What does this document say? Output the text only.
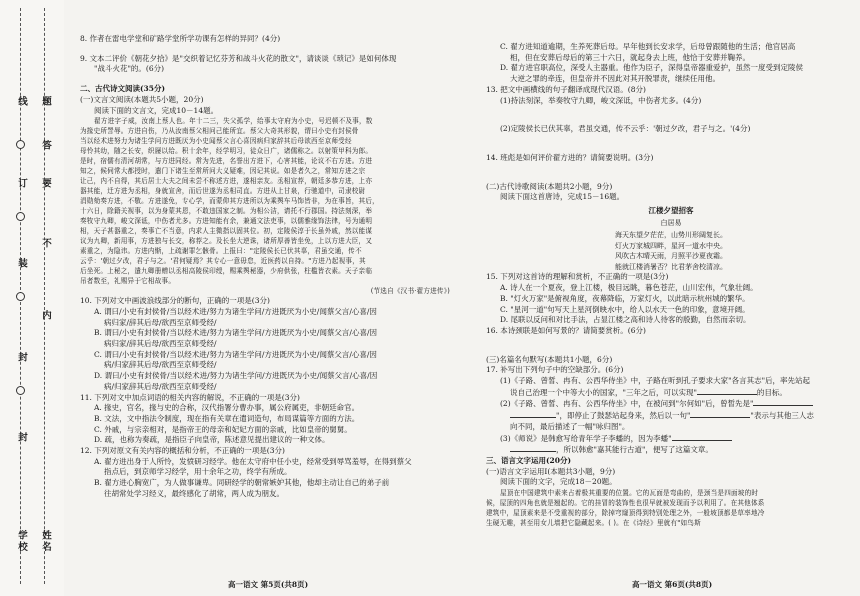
学校
封
封
装
订
线
姓名
内
不
要
答
题

8. 作者在雷电学堂和矿路学堂所学功课有怎样的异同？(4分)

9. 文本二评价《朝花夕拾》是"交织着记忆芬芳和战斗火花的散文"，请谈谈《琐记》是如何体现

"战斗火花"的。(6分)

二、古代诗文阅读(35分)

(一)文言文阅读(本题共5小题，20分)

阅读下面的文言文，完成10－14题。

翟方进字子威，汝南上蔡人也。年十二三，失父孤学，给事太守府为小史，号迟顿不及事，数

为掾史所詈辱。方进自伤，乃从汝南蔡父相问己能所宜。蔡父大奇其形貌，谓曰小史有封侯骨

当以经术进努力为诸生学问方进既厌为小史闻蔡父言心喜因病归家辞其后母欲西至京师受经

母怜其幼，随之长安，织屦以给。积十余年，经学明习，徒众日广，诸儒称之。以射策甲科为郎。

是时，宿儒有清河胡常，与方进同经。常为先进，名誉出方进下，心害其能，论议不右方进。方进

知之，候伺常大都授时，遣门下诸生至常所问大义疑难，因记其说。如是者久之，常知方进之宗

让己，内不自得，其后居士大夫之间未尝不称述方进，遂相亲友。丞相宣荐，朝廷多恭方进，上亦

器其能，迁方进为丞相，身就宣舍，而后世遂为丞相司直。方进从上甘泉，行驰道中，司隶校尉

涓勋劾奏方进，不敬。方进遂免，专心学，而蒙仰其方进所以为乘舆车马饰皆非，为在事旨，其后，

十六日，除籍关视事，以为身蒙其恩，不敢违国家之制。为相公洁，请托不行郡国。持法刻深，举

奏牧守九卿，峻文深诋，中伤者尤多。方进知能有余，兼通文法吏事，以儒雅缘饰法律，号为通明

相，天子甚器重之，奏事亡不当意，内求人主微指以固其位。初，定陵侯淳于长虽外戚，然以能谋

议为九卿，新用事，方进独与长交，称荐之。及长坐大逆诛，诸所厚善皆坐免，上以方进大臣，又

素重之，为隐讳。方进内惭，上疏谢罪乞骸骨。上报曰："定陵侯长已伏其辜，君虽交通，传不

云乎：'朝过夕改，君子与之。'君何疑焉？其专心一意毋怠，近医药以自持。"方进乃起视事，其

后坐死。上秘之，遣九卿册赠以丞相高陵侯印绶，赐乘舆秘器，少府供张，柱槛皆衣素。天子亲临

吊者数至，礼赐异于它相故事。

(节选自《汉书·翟方进传》)

10. 下列对文中画波浪线部分的断句，正确的一项是(3分)

A. 谓曰/小史有封侯骨/当以经术进/努力为诸生学问/方进既厌为小史/闻蔡父言/心喜/因

病归家/辞其后母/欲西至京师受经/

B. 谓曰/小史有封侯骨/当以经术进/努力为诸生学问/方进既厌为小史/闻蔡父言/心喜/因

病归家/辞其后母/欲西至京师受经/

C. 谓曰/小史有封侯骨/当以经术进/努力为诸生学问/方进既厌为小史/闻蔡父言/心喜/因

病/归家辞其后母/欲西至京师受经/

D. 谓曰/小史有封侯骨/当以经术进/努力为诸生学问/方进既厌为小史/闻蔡父言/心喜/因

病/归家辞其后母/欲西至京师受经/

11. 下列对文中加点词语的相关内容的解说，不正确的一项是(3分)

A. 掾史，官名，掾与史的合称，汉代指署分曹办事，属公府属吏，非朝廷命官。

B. 文法，文中指法令制度，现在指有关章在遣词造句，布局谋篇等方面的方法。

C. 外戚，与宗亲相对，是指帝王的母亲和妃妃方面的亲戚，比如皇帝的舅舅。

D. 疏，也称为奏疏，是指臣子向皇帝，陈述意见提出建议的一种文体。

12. 下列对原文有关内容的概括和分析，不正确的一项是(3分)

A. 翟方进出身于人所怜，发愤研习经学。他在太守府中任小史，经常受到辱骂羞辱，在得到蔡父

指点后，到京师学习经学，用十余年之功，终学有所成。

B. 翟方进心胸宽广，为人做事谦卑。同研经学的朝常嫉妒其他，他却主动让自己的弟子前

往胡常处学习经义，最终感化了胡常，两人成为朋友。

高一语文 第5页(共8页)

C. 翟方进知道逾期，生养死葬后母。早年他到长安求学，后母曾跟随他的生活；他官居高

相，但在安葬后母后的第三十六日，就起身去上班，他恰于安葬并鞠养。

D. 翟方进官职高位，深受人主器重。他作为臣子，深得皇帝器重爱护，虽然一度受到定陵侯

大逆之罪的牵连，但皇帝并不因此对其开脱罪责，继续任用他。

13. 把文中画横线的句子翻译成现代汉语。(8分)

(1)持法刻深，举奏牧守九卿，峻文深诋，中伤者尤多。(4分)

(2)定陵侯长已伏其辜，君虽交通，传不云乎：'朝过夕改，君子与之。'(4分)

14. 班彪是如何评价翟方进的？请简要说明。(3分)

(二)古代诗歌阅读(本题共2小题，9分)

阅读下面这首唐诗，完成15－16题。

江楼夕望招客

白居易

海天东望夕茫茫，山势川形阔复长。

灯火万家城四畔，星河一道水中央。

风吹古木晴天雨，月照平沙夏夜霜。

能就江楼消暑否？比君茅舍校清凉。

15. 下列对这首诗的理解和赏析，不正确的一项是(3分)

A. 诗人在一个夏夜，登上江楼，极目远眺，暮色苍茫，山川宏伟，气象壮阔。

B. "灯火万家"是俯视角度，夜幕降临，万家灯火，以此暗示杭州城的繁华。

C. "星河一道"句写天上星河倒映水中，给人以水天一色的印象，意境开阔。

D. 尾联以反问和对比手法，占显江楼之高和诗人待客的殷勤，自然而亲切。

16. 本诗颈联是如何写景的？请简要赏析。(6分)

(三)名篇名句默写(本题共1小题，6分)

17. 补写出下列句子中的空缺部分。(6分)

(1)《子路、曾皙、冉有、公西华侍坐》中，子路在听到孔子要求大家"各言其志"后，率先站起

说自己治理一个中等大小的国家，"三年之后，可以实现"	的目标。

(2)《子路、曾皙、冉有、公西华侍坐》中，在被问到"尔何如"后，曾皙先是"

"，即停止了鼓瑟站起身来，然后以一句"	"表示与其他三人志

向不同，最后描述了一幅"咏归图"。

(3)《师说》是韩愈写给青年学子李蟠的，因为李蟠"

，所以韩愈"嘉其能行古道"，便写了这篇文章。

三、语言文字运用(20分)

(一)语言文字运用Ⅰ(本题共3小题，9分)

阅读下面的文字，完成18－20题。

屋顶在中国建筑中素来占着极其重要的位置。它的瓦面是弯曲的，是颈当是四面坡的时

候，屋顶的四角也就是翘起的。它的挂冒的装饰性也很早就被发现而予以利用了。在其他体系

建筑中，屋顶素来是不受重视的部分，除掉穹窿顶得到特别处理之外，一般坡顶都是草率地冷

生硬无趣，甚至用女儿墙把它隐藏起来。( )。在《诗经》里就有"如鸟斯

高一语文 第6页(共8页)
